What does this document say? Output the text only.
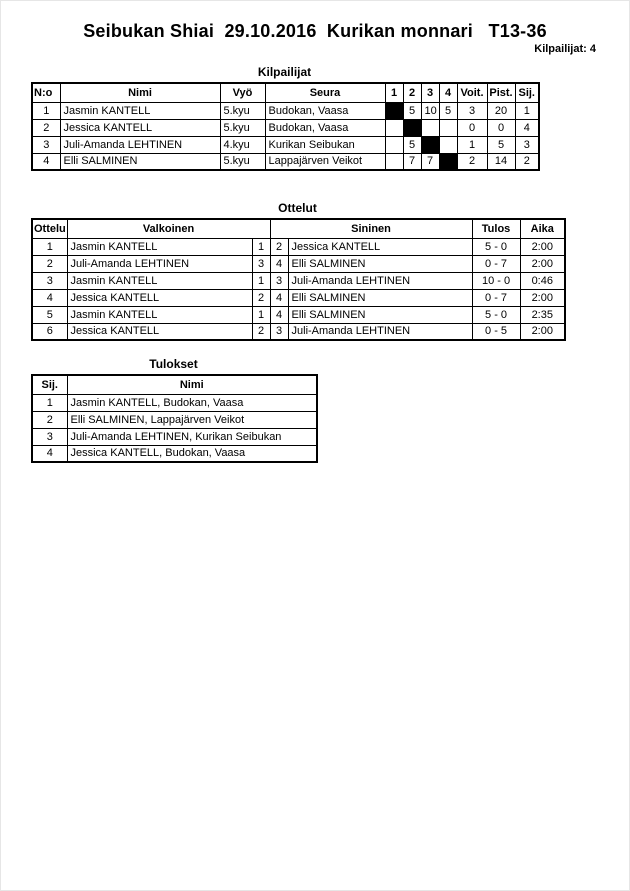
Seibukan Shiai  29.10.2016  Kurikan monnari   T13-36
Kilpailijat: 4
Kilpailijat
N:o	Nimi	Vyö	Seura	1	2	3	4	Voit.	Pist.	Sij.
1	Jasmin KANTELL	5.kyu	Budokan, Vaasa		5	10	5	3	20	1
2	Jessica KANTELL	5.kyu	Budokan, Vaasa					0	0	4
3	Juli-Amanda LEHTINEN	4.kyu	Kurikan Seibukan		5			1	5	3
4	Elli SALMINEN	5.kyu	Lappajärven Veikot		7	7		2	14	2
Ottelut
Ottelu	Valkoinen		Sininen		Tulos	Aika
1	Jasmin KANTELL	1	2	Jessica KANTELL	5 - 0	2:00
2	Juli-Amanda LEHTINEN	3	4	Elli SALMINEN	0 - 7	2:00
3	Jasmin KANTELL	1	3	Juli-Amanda LEHTINEN	10 - 0	0:46
4	Jessica KANTELL	2	4	Elli SALMINEN	0 - 7	2:00
5	Jasmin KANTELL	1	4	Elli SALMINEN	5 - 0	2:35
6	Jessica KANTELL	2	3	Juli-Amanda LEHTINEN	0 - 5	2:00
Tulokset
Sij.	Nimi
1	Jasmin KANTELL, Budokan, Vaasa
2	Elli SALMINEN, Lappajärven Veikot
3	Juli-Amanda LEHTINEN, Kurikan Seibukan
4	Jessica KANTELL, Budokan, Vaasa
